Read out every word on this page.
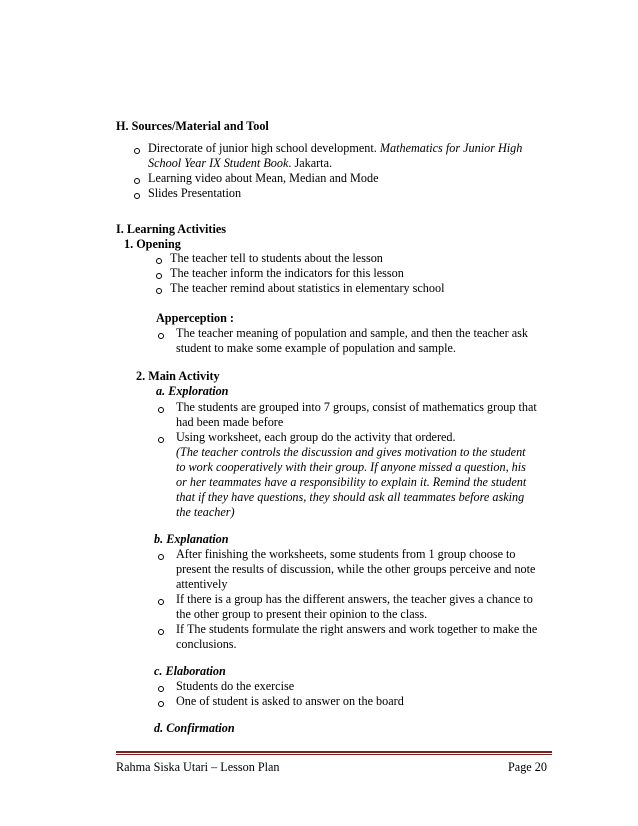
H. Sources/Material and Tool
Directorate of junior high school development. Mathematics for Junior High
School Year IX Student Book. Jakarta.
Learning video about Mean, Median and Mode
Slides Presentation
I. Learning Activities
1. Opening
The teacher tell to students about the lesson
The teacher inform the indicators for this lesson
The teacher remind about statistics in elementary school
Apperception :
The teacher meaning of population and sample, and then the teacher ask
student to make some example of population and sample.
2. Main Activity
a. Exploration
The students are grouped into 7 groups, consist of mathematics group that
had been made before
Using worksheet, each group do the activity that ordered.
(The teacher controls the discussion and gives motivation to the student
to work cooperatively with their group. If anyone missed a question, his
or her teammates have a responsibility to explain it. Remind the student
that if they have questions, they should ask all teammates before asking
the teacher)
b. Explanation
After finishing the worksheets, some students from 1 group choose to
present the results of discussion, while the other groups perceive and note
attentively
If there is a group has the different answers, the teacher gives a chance to
the other group to present their opinion to the class.
If The students formulate the right answers and work together to make the
conclusions.
c. Elaboration
Students do the exercise
One of student is asked to answer on the board
d. Confirmation
Rahma Siska Utari – Lesson Plan	Page 20
